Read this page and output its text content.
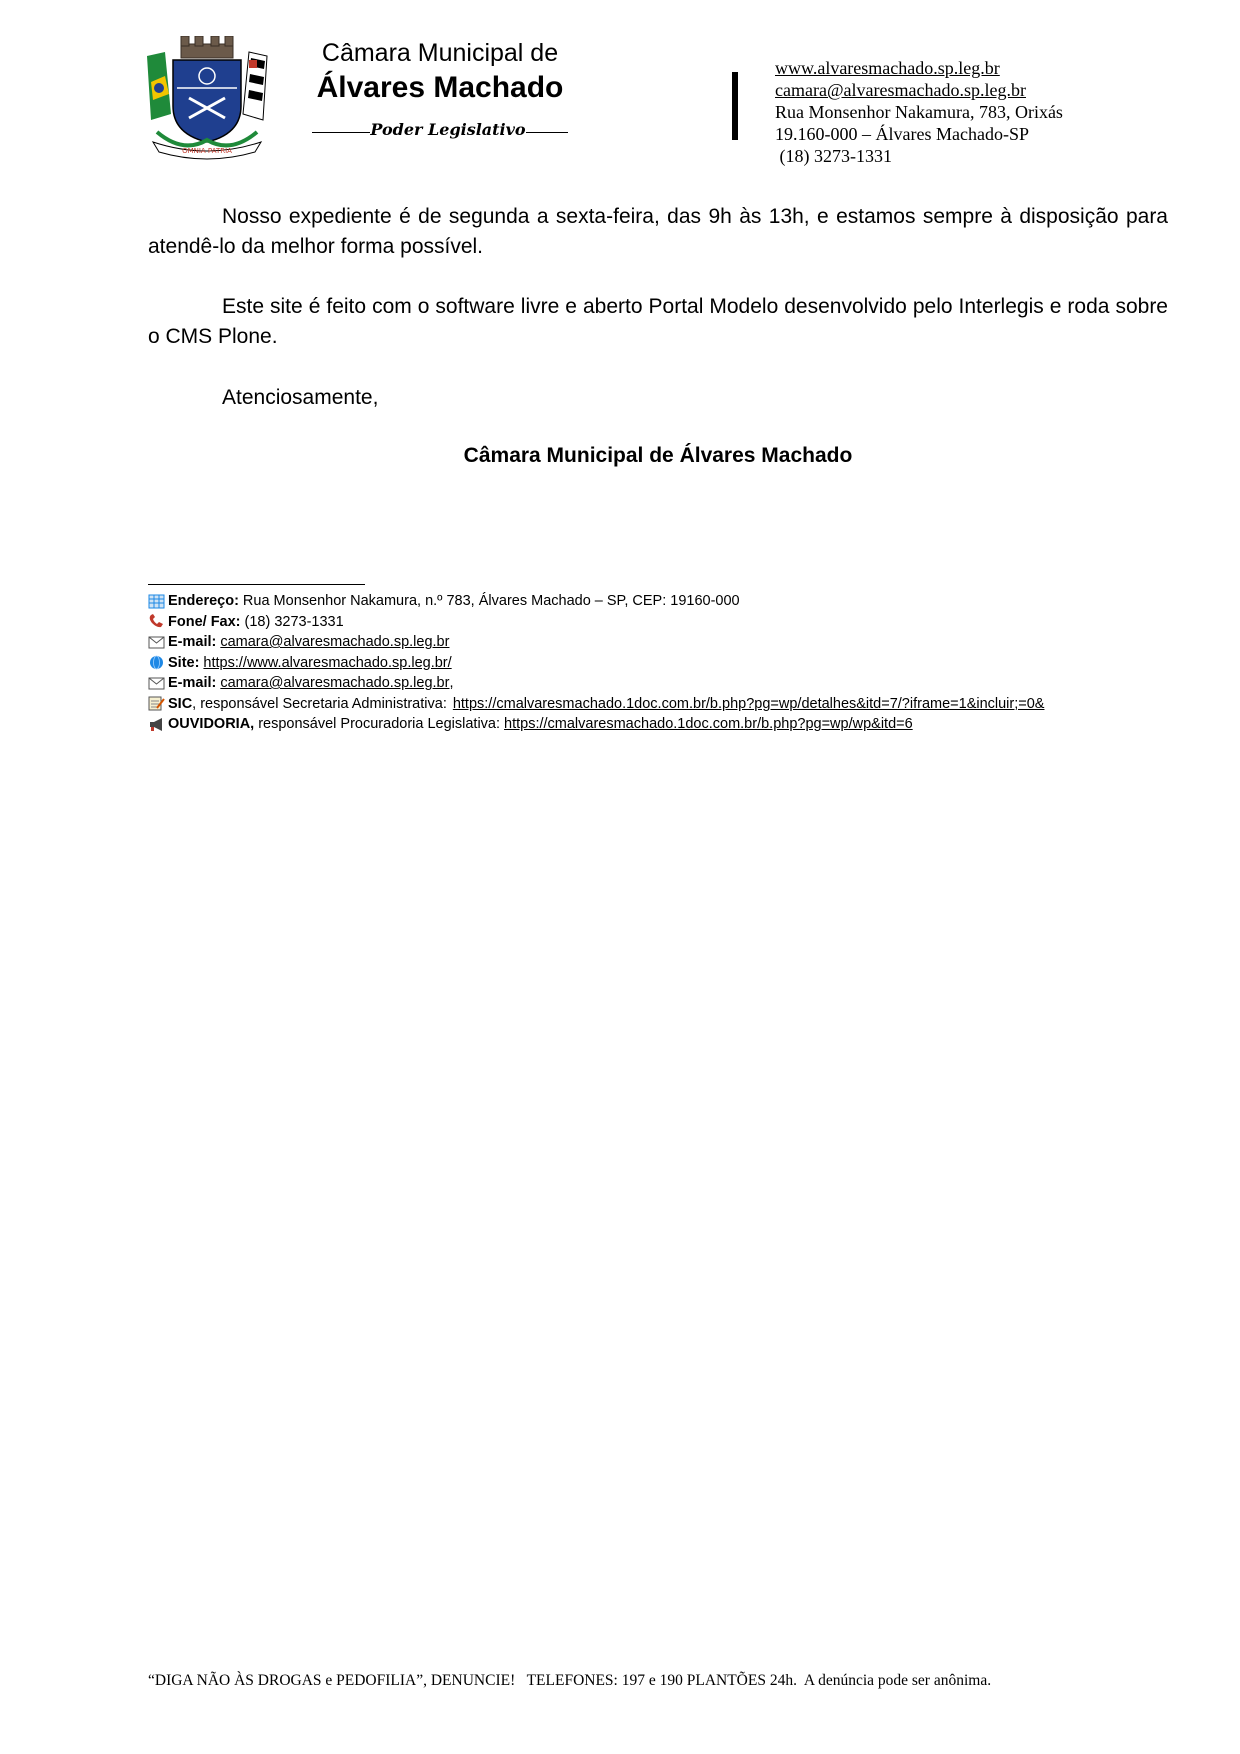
OMNIA PATRIA
Câmara Municipal de
Álvares Machado
Poder Legislativo
www.alvaresmachado.sp.leg.br
camara@alvaresmachado.sp.leg.br
Rua Monsenhor Nakamura, 783, Orixás
19.160-000 – Álvares Machado-SP
(18) 3273-1331
Nosso expediente é de segunda a sexta-feira, das 9h às 13h, e estamos sempre à disposição para atendê-lo da melhor forma possível.
Este site é feito com o software livre e aberto Portal Modelo desenvolvido pelo Interlegis e roda sobre o CMS Plone.
Atenciosamente,
Câmara Municipal de Álvares Machado
Endereço: Rua Monsenhor Nakamura, n.º 783, Álvares Machado – SP, CEP: 19160-000
Fone/ Fax: (18) 3273-1331
E-mail: camara@alvaresmachado.sp.leg.br
Site: https://www.alvaresmachado.sp.leg.br/
E-mail: camara@alvaresmachado.sp.leg.br ,
SIC , responsável Secretaria Administrativa: https://cmalvaresmachado.1doc.com.br/b.php?pg=wp/detalhes&itd=7/?iframe=1&incluir;=0&
OUVIDORIA, responsável Procuradoria Legislativa: https://cmalvaresmachado.1doc.com.br/b.php?pg=wp/wp&itd=6
“DIGA NÃO ÀS DROGAS e PEDOFILIA”, DENUNCIE!   TELEFONES: 197 e 190 PLANTÕES 24h.  A denúncia pode ser anônima.
